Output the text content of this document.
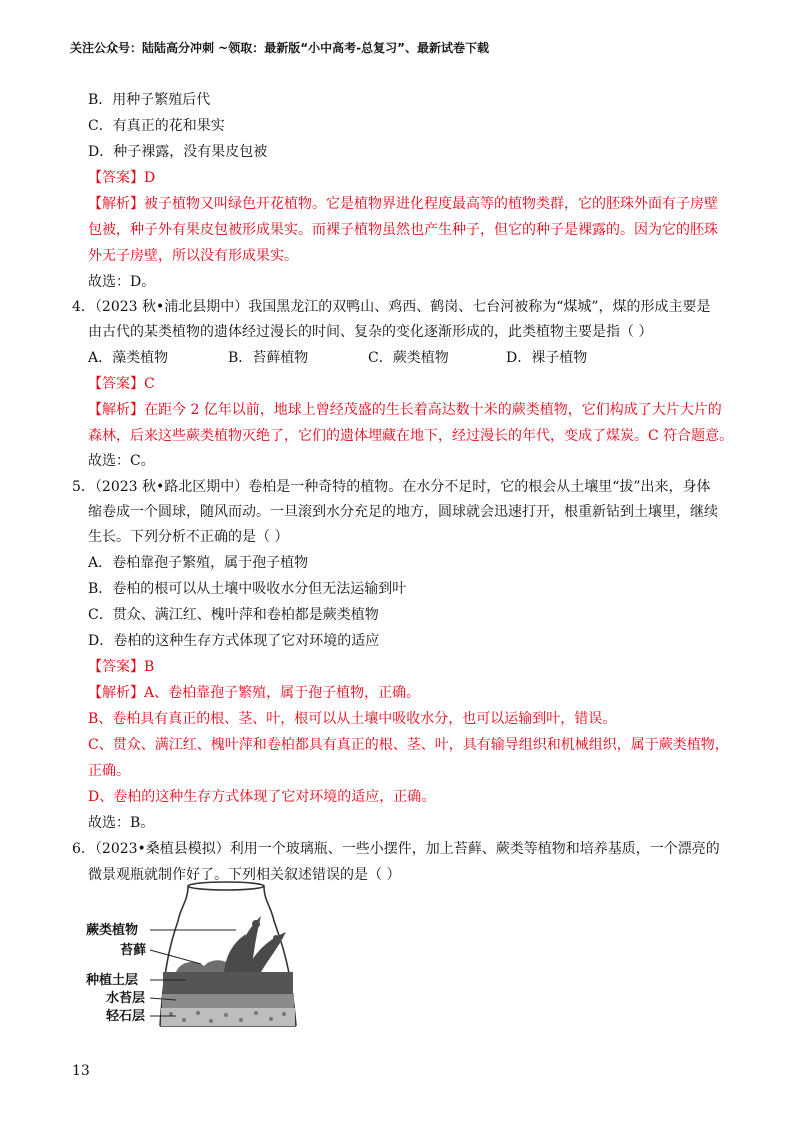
关注公众号：陆陆高分冲刺 ~领取：最新版“小中高考-总复习”、最新试卷下载
B．用种子繁殖后代
C．有真正的花和果实
D．种子裸露，没有果皮包被
【答案】D
【解析】被子植物又叫绿色开花植物。它是植物界进化程度最高等的植物类群，它的胚珠外面有子房壁
包被，种子外有果皮包被形成果实。而裸子植物虽然也产生种子，但它的种子是裸露的。因为它的胚珠
外无子房壁，所以没有形成果实。
故选：D。
4．（2023 秋•浦北县期中）我国黑龙江的双鸭山、鸡西、鹤岗、七台河被称为“煤城”，煤的形成主要是
由古代的某类植物的遗体经过漫长的时间、复杂的变化逐渐形成的，此类植物主要是指（ ）
A．藻类植物	B．苔藓植物	C．蕨类植物	D．裸子植物
【答案】C
【解析】在距今 2 亿年以前，地球上曾经茂盛的生长着高达数十米的蕨类植物，它们构成了大片大片的
森林，后来这些蕨类植物灭绝了，它们的遗体埋藏在地下，经过漫长的年代，变成了煤炭。C 符合题意。
故选：C。
5．（2023 秋•路北区期中）卷柏是一种奇特的植物。在水分不足时，它的根会从土壤里“拔”出来，身体
缩卷成一个圆球，随风而动。一旦滚到水分充足的地方，圆球就会迅速打开，根重新钻到土壤里，继续
生长。下列分析不正确的是（ ）
A．卷柏靠孢子繁殖，属于孢子植物
B．卷柏的根可以从土壤中吸收水分但无法运输到叶
C．贯众、满江红、槐叶萍和卷柏都是蕨类植物
D．卷柏的这种生存方式体现了它对环境的适应
【答案】B
【解析】A、卷柏靠孢子繁殖，属于孢子植物，正确。
B、卷柏具有真正的根、茎、叶，根可以从土壤中吸收水分，也可以运输到叶，错误。
C、贯众、满江红、槐叶萍和卷柏都具有真正的根、茎、叶，具有输导组织和机械组织，属于蕨类植物，
正确。
D、卷柏的这种生存方式体现了它对环境的适应，正确。
故选：B。
6．（2023•桑植县模拟）利用一个玻璃瓶、一些小摆件，加上苔藓、蕨类等植物和培养基质，一个漂亮的
微景观瓶就制作好了。下列相关叙述错误的是（ ）
蕨类植物
苔藓
种植土层
水苔层
轻石层
13
